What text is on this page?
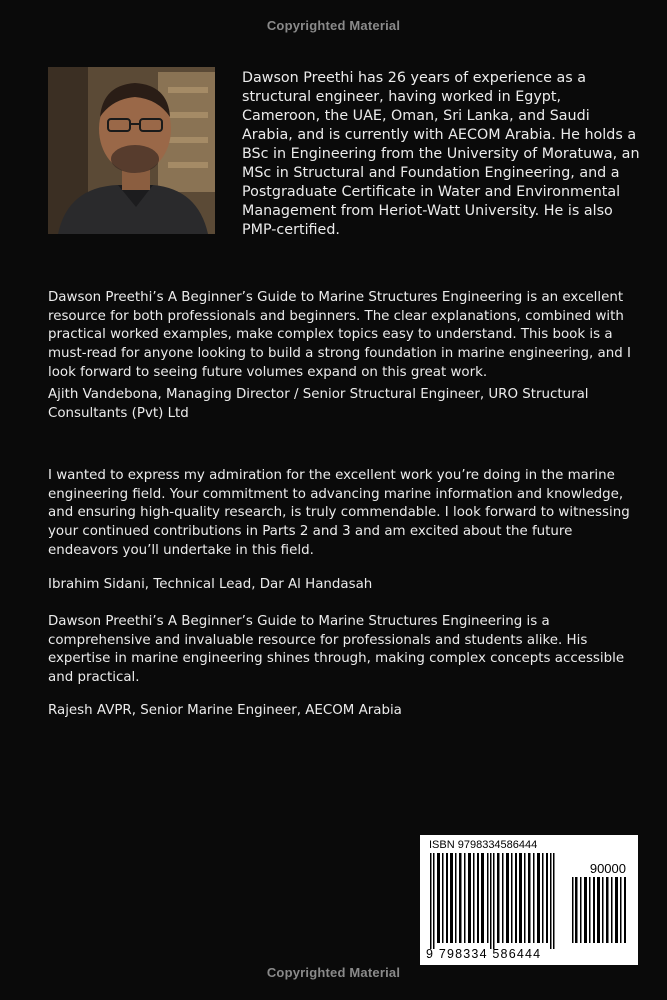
Copyrighted Material

Dawson Preethi has 26 years of experience as a structural engineer, having worked in Egypt, Cameroon, the UAE, Oman, Sri Lanka, and Saudi Arabia, and is currently with AECOM Arabia. He holds a BSc in Engineering from the University of Moratuwa, an MSc in Structural and Foundation Engineering, and a Postgraduate Certificate in Water and Environmental Management from Heriot-Watt University. He is also PMP-certified.

Dawson Preethi’s A Beginner’s Guide to Marine Structures Engineering is an excellent resource for both professionals and beginners. The clear explanations, combined with practical worked examples, make complex topics easy to understand. This book is a must-read for anyone looking to build a strong foundation in marine engineering, and I look forward to seeing future volumes expand on this great work.

Ajith Vandebona, Managing Director / Senior Structural Engineer, URO Structural Consultants (Pvt) Ltd

I wanted to express my admiration for the excellent work you’re doing in the marine engineering field. Your commitment to advancing marine information and knowledge, and ensuring high-quality research, is truly commendable. I look forward to witnessing your continued contributions in Parts 2 and 3 and am excited about the future endeavors you’ll undertake in this field.

Ibrahim Sidani, Technical Lead, Dar Al Handasah

Dawson Preethi’s A Beginner’s Guide to Marine Structures Engineering is a comprehensive and invaluable resource for professionals and students alike. His expertise in marine engineering shines through, making complex concepts accessible and practical.

Rajesh AVPR, Senior Marine Engineer, AECOM Arabia

ISBN 9798334586444
90000
9 798334 586444
Copyrighted Material
